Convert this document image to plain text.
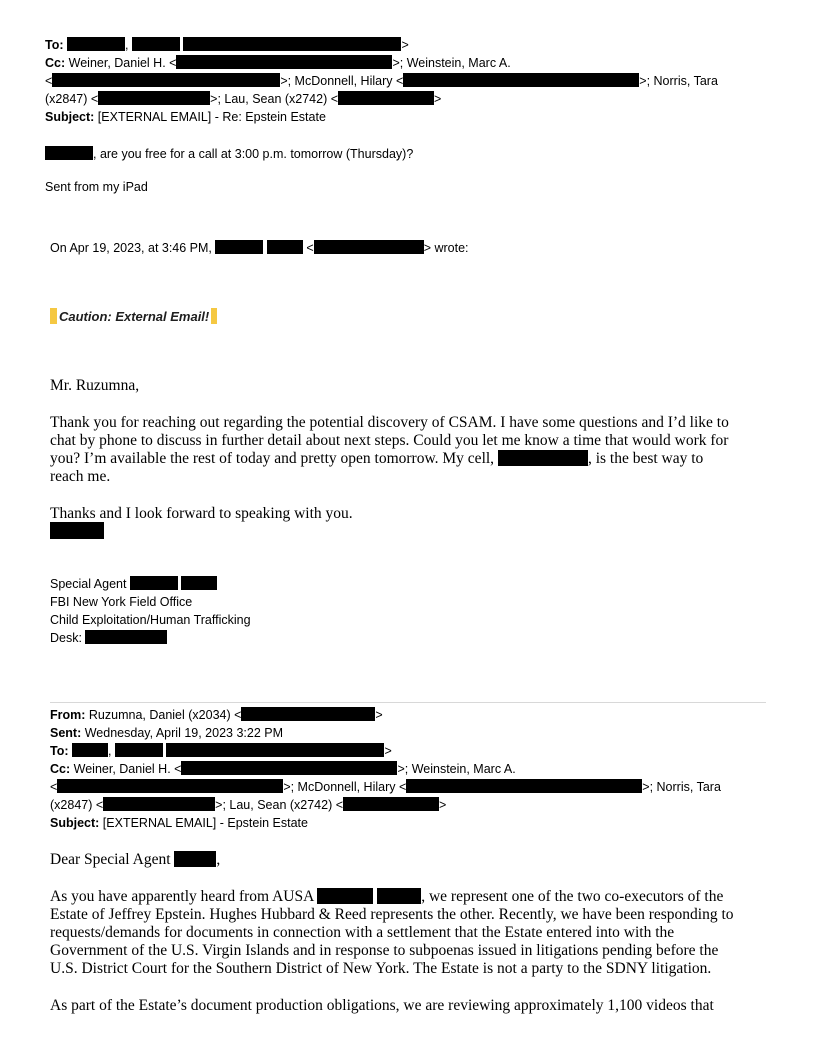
To:	,	>
Cc: Weiner, Daniel H. <	>; Weinstein, Marc A.
<	>; McDonnell, Hilary <	>; Norris, Tara
(x2847) <	>; Lau, Sean (x2742) <	>
Subject: [EXTERNAL EMAIL] - Re: Epstein Estate
, are you free for a call at 3:00 p.m. tomorrow (Thursday)?
Sent from my iPad
On Apr 19, 2023, at 3:46 PM,	<	> wrote:
Caution: External Email!
Mr. Ruzumna,
Thank you for reaching out regarding the potential discovery of CSAM. I have some questions and I’d like to
chat by phone to discuss in further detail about next steps. Could you let me know a time that would work for
you? I’m available the rest of today and pretty open tomorrow. My cell,	, is the best way to
reach me.
Thanks and I look forward to speaking with you.
Special Agent
FBI New York Field Office
Child Exploitation/Human Trafficking
Desk:
From: Ruzumna, Daniel (x2034) <	>
Sent: Wednesday, April 19, 2023 3:22 PM
To:	,	>
Cc: Weiner, Daniel H. <	>; Weinstein, Marc A.
<	>; McDonnell, Hilary <	>; Norris, Tara
(x2847) <	>; Lau, Sean (x2742) <	>
Subject: [EXTERNAL EMAIL] - Epstein Estate
Dear Special Agent	,
As you have apparently heard from AUSA	, we represent one of the two co-executors of the
Estate of Jeffrey Epstein. Hughes Hubbard & Reed represents the other. Recently, we have been responding to
requests/demands for documents in connection with a settlement that the Estate entered into with the
Government of the U.S. Virgin Islands and in response to subpoenas issued in litigations pending before the
U.S. District Court for the Southern District of New York. The Estate is not a party to the SDNY litigation.
As part of the Estate’s document production obligations, we are reviewing approximately 1,100 videos that
